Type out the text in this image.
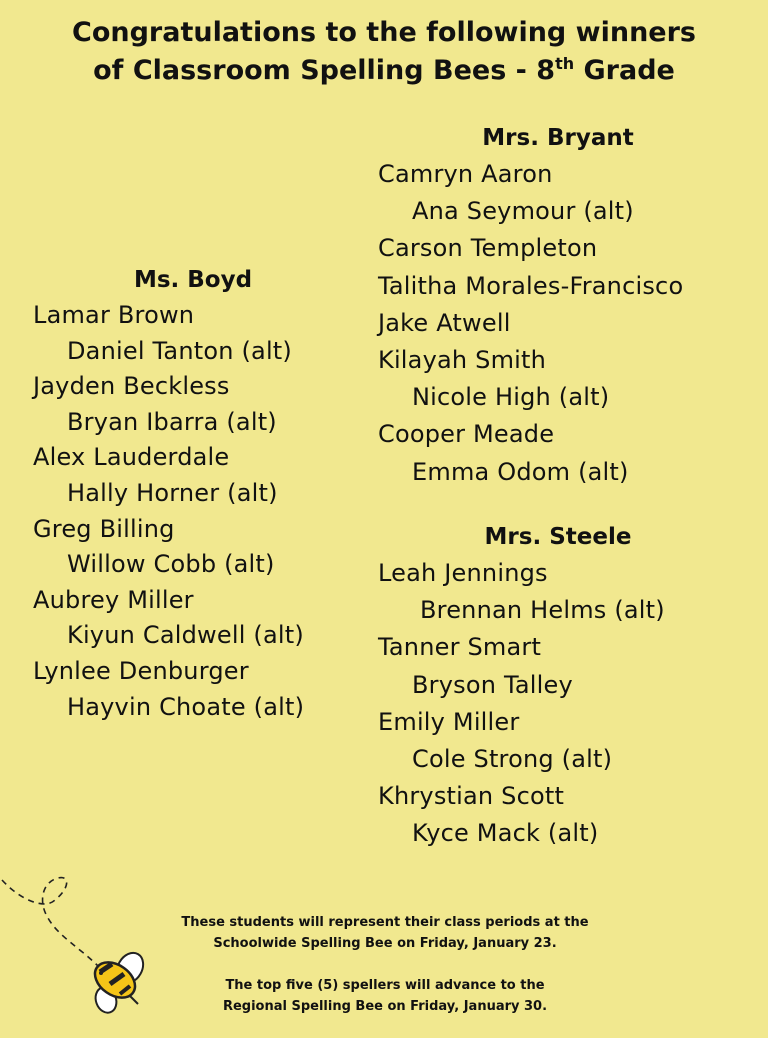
Congratulations to the following winners
of Classroom Spelling Bees - 8th Grade
Ms. Boyd
Lamar Brown
Daniel Tanton (alt)
Jayden Beckless
Bryan Ibarra (alt)
Alex Lauderdale
Hally Horner (alt)
Greg Billing
Willow Cobb (alt)
Aubrey Miller
Kiyun Caldwell (alt)
Lynlee Denburger
Hayvin Choate (alt)
Mrs. Bryant
Camryn Aaron
Ana Seymour (alt)
Carson Templeton
Talitha Morales-Francisco
Jake Atwell
Kilayah Smith
Nicole High (alt)
Cooper Meade
Emma Odom (alt)
Mrs. Steele
Leah Jennings
Brennan Helms (alt)
Tanner Smart
Bryson Talley
Emily Miller
Cole Strong (alt)
Khrystian Scott
Kyce Mack (alt)

These students will represent their class periods at the
Schoolwide Spelling Bee on Friday, January 23.

The top five (5) spellers will advance to the
Regional Spelling Bee on Friday, January 30.
